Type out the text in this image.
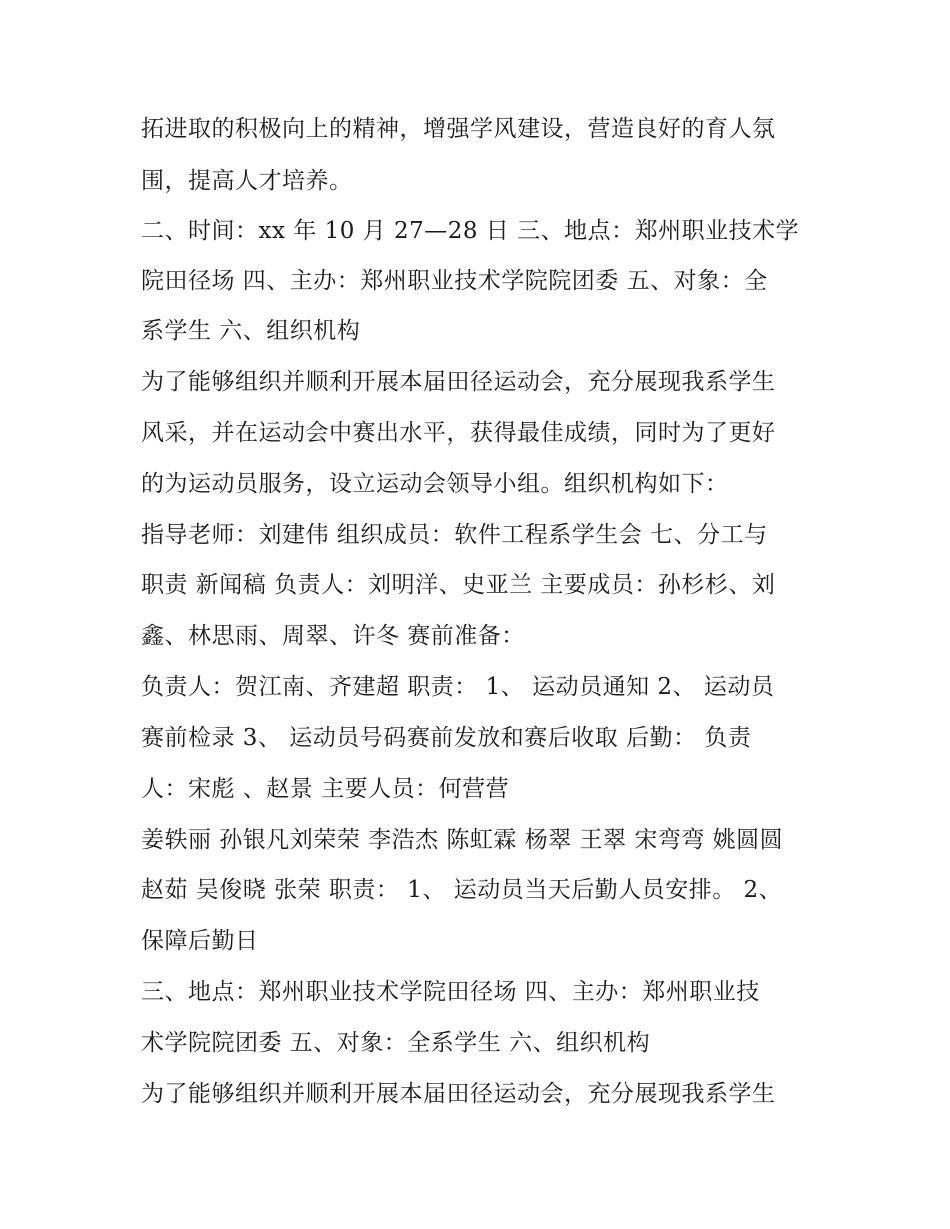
拓进取的积极向上的精神，增强学风建设，营造良好的育人氛
围，提高人才培养。
二、时间：xx 年 10 月 27—28 日 三、地点：郑州职业技术学
院田径场 四、主办：郑州职业技术学院院团委 五、对象：全
系学生 六、组织机构
为了能够组织并顺利开展本届田径运动会，充分展现我系学生
风采，并在运动会中赛出水平，获得最佳成绩，同时为了更好
的为运动员服务，设立运动会领导小组。组织机构如下：
指导老师：刘建伟 组织成员：软件工程系学生会 七、分工与
职责 新闻稿 负责人：刘明洋、史亚兰 主要成员：孙杉杉、刘
鑫、林思雨、周翠、许冬 赛前准备：
负责人：贺江南、齐建超 职责： 1、 运动员通知 2、 运动员
赛前检录 3、 运动员号码赛前发放和赛后收取 后勤： 负责
人：宋彪 、赵景 主要人员：何营营
姜轶丽 孙银凡刘荣荣 李浩杰 陈虹霖 杨翠 王翠 宋弯弯 姚圆圆
赵茹 吴俊晓 张荣 职责： 1、 运动员当天后勤人员安排。 2、
保障后勤日
三、地点：郑州职业技术学院田径场 四、主办：郑州职业技
术学院院团委 五、对象：全系学生 六、组织机构
为了能够组织并顺利开展本届田径运动会，充分展现我系学生
